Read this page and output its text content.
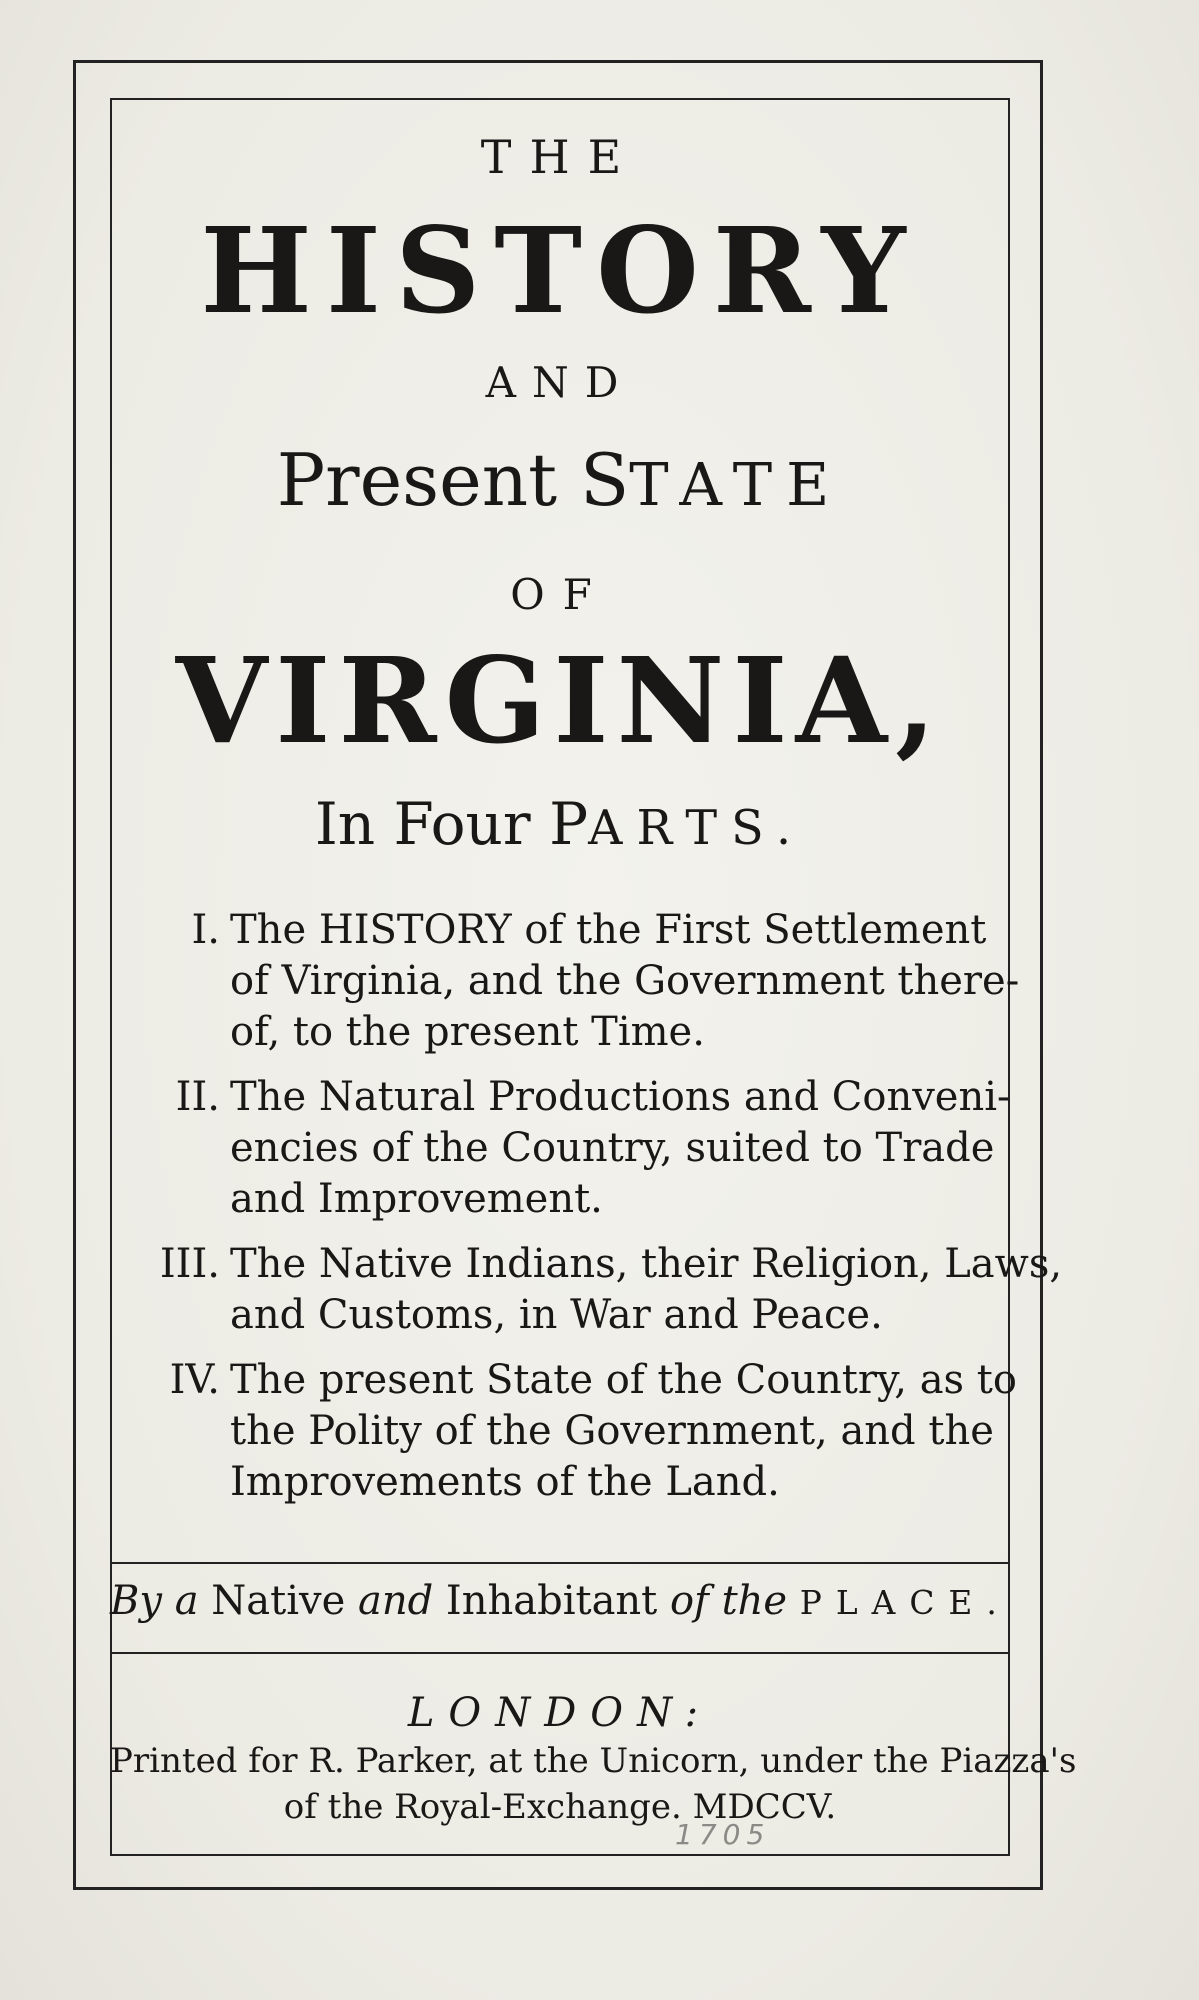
THE
HISTORY
AND
Present STATE
OF
VIRGINIA,
In Four PARTS.
I. The HISTORY of the First Settlement
of Virginia, and the Government there-
of, to the present Time.
II. The Natural Productions and Conveni-
encies of the Country, suited to Trade
and Improvement.
III. The Native Indians, their Religion, Laws,
and Customs, in War and Peace.
IV. The present State of the Country, as to
the Polity of the Government, and the
Improvements of the Land.
By a Native and Inhabitant of the PLACE.
LONDON:
Printed for R. Parker, at the Unicorn, under the Piazza's
of the Royal-Exchange. MDCCV.
1705
